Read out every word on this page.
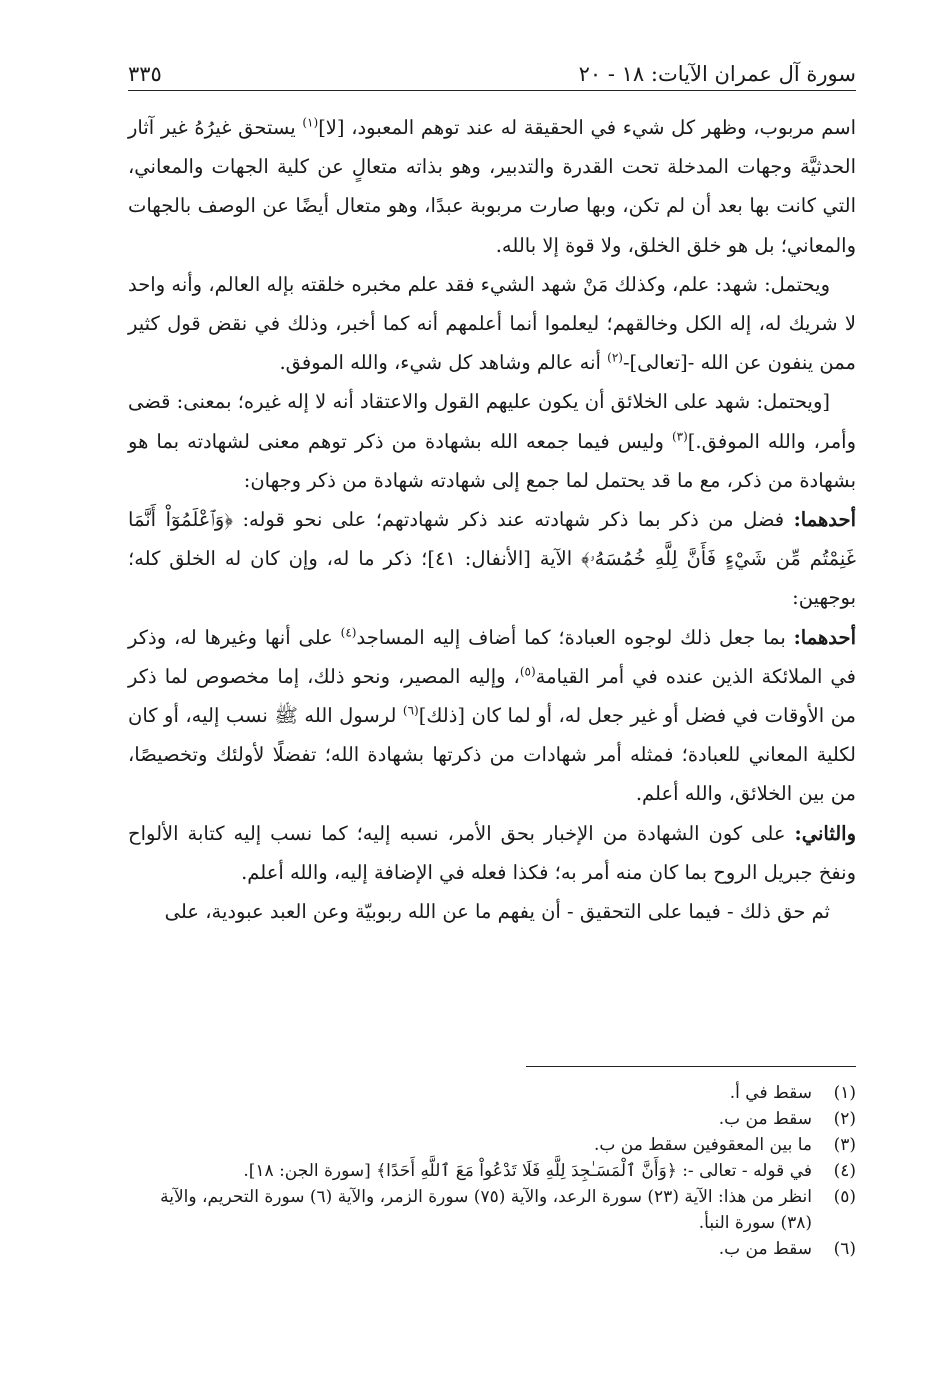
سورة آل عمران الآيات: ١٨ - ٢٠
٣٣٥

اسم مربوب، وظهر كل شيء في الحقيقة له عند توهم المعبود، [لا]$^{(١)}$ يستحق غيرُهُ غير آثار الحدثيَّة وجهات المدخلة تحت القدرة والتدبير، وهو بذاته متعالٍ عن كلية الجهات والمعاني، التي كانت بها بعد أن لم تكن، وبها صارت مربوبة عبدًا، وهو متعال أيضًا عن الوصف بالجهات والمعاني؛ بل هو خلق الخلق، ولا قوة إلا بالله.

ويحتمل: شهد: علم، وكذلك مَنْ شهد الشيء فقد علم مخبره خلقته بإله العالم، وأنه واحد لا شريك له، إله الكل وخالقهم؛ ليعلموا أنما أعلمهم أنه كما أخبر، وذلك في نقض قول كثير ممن ينفون عن الله -[تعالى]-$^{(٢)}$ أنه عالم وشاهد كل شيء، والله الموفق.

[ويحتمل: شهد على الخلائق أن يكون عليهم القول والاعتقاد أنه لا إله غيره؛ بمعنى: قضى وأمر، والله الموفق.]$^{(٣)}$ وليس فيما جمعه الله بشهادة من ذكر توهم معنى لشهادته بما هو بشهادة من ذكر، مع ما قد يحتمل لما جمع إلى شهادته شهادة من ذكر وجهان:

أحدهما: فضل من ذكر بما ذكر شهادته عند ذكر شهادتهم؛ على نحو قوله: ﴿وَٱعْلَمُوٓاْ أَنَّمَا غَنِمْتُم مِّن شَيْءٍ فَأَنَّ لِلَّهِ خُمُسَهُۥ﴾ الآية [الأنفال: ٤١]؛ ذكر ما له، وإن كان له الخلق كله؛ بوجهين:

أحدهما: بما جعل ذلك لوجوه العبادة؛ كما أضاف إليه المساجد$^{(٤)}$ على أنها وغيرها له، وذكر في الملائكة الذين عنده في أمر القيامة$^{(٥)}$، وإليه المصير، ونحو ذلك، إما مخصوص لما ذكر من الأوقات في فضل أو غير جعل له، أو لما كان [ذلك]$^{(٦)}$ لرسول الله ﷺ نسب إليه، أو كان لكلية المعاني للعبادة؛ فمثله أمر شهادات من ذكرتها بشهادة الله؛ تفضلًا لأولئك وتخصيصًا، من بين الخلائق، والله أعلم.

والثاني: على كون الشهادة من الإخبار بحق الأمر، نسبه إليه؛ كما نسب إليه كتابة الألواح ونفخ جبريل الروح بما كان منه أمر به؛ فكذا فعله في الإضافة إليه، والله أعلم.

ثم حق ذلك - فيما على التحقيق - أن يفهم ما عن الله ربوبيّة وعن العبد عبودية، على

(١)
سقط في أ.
(٢)
سقط من ب.
(٣)
ما بين المعقوفين سقط من ب.
(٤)
في قوله - تعالى -: ﴿وَأَنَّ ٱلْمَسَـٰجِدَ لِلَّهِ فَلَا تَدْعُواْ مَعَ ٱللَّهِ أَحَدًا﴾ [سورة الجن: ١٨].
(٥)
انظر من هذا: الآية (٢٣) سورة الرعد، والآية (٧٥) سورة الزمر، والآية (٦) سورة التحريم، والآية (٣٨) سورة النبأ.
(٦)
سقط من ب.
